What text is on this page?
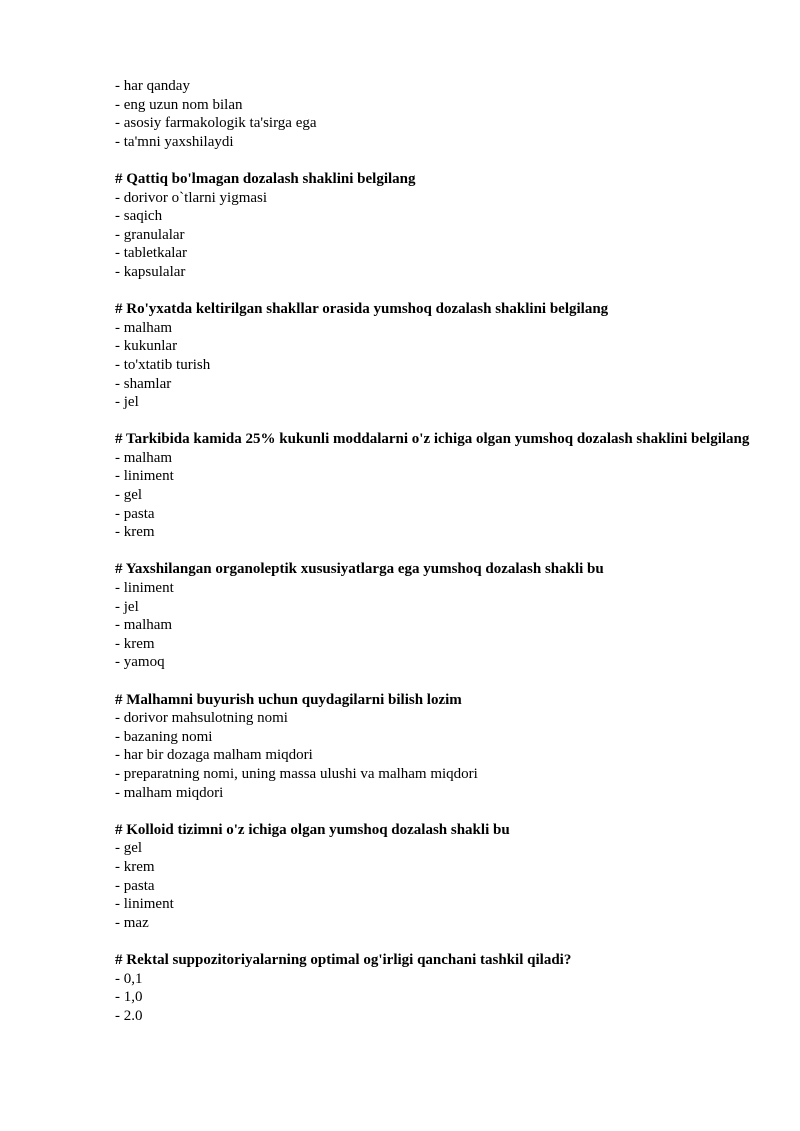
- har qanday

- eng uzun nom bilan

- asosiy farmakologik ta'sirga ega

- ta'mni yaxshilaydi

# Qattiq bo'lmagan dozalash shaklini belgilang

- dorivor o`tlarni yigmasi

- saqich

- granulalar

- tabletkalar

- kapsulalar

# Ro'yxatda keltirilgan shakllar orasida yumshoq dozalash shaklini belgilang

- malham

- kukunlar

- to'xtatib turish

- shamlar

- jel

# Tarkibida kamida 25% kukunli moddalarni o'z ichiga olgan yumshoq dozalash shaklini belgilang

- malham

- liniment

- gel

- pasta

- krem

# Yaxshilangan organoleptik xususiyatlarga ega yumshoq dozalash shakli bu

- liniment

- jel

- malham

- krem

- yamoq

# Malhamni buyurish uchun quydagilarni bilish lozim

- dorivor mahsulotning nomi

- bazaning nomi

- har bir dozaga malham miqdori

- preparatning nomi, uning massa ulushi va malham miqdori

- malham miqdori

# Kolloid tizimni o'z ichiga olgan yumshoq dozalash shakli bu

- gel

- krem

- pasta

- liniment

- maz

# Rektal suppozitoriyalarning optimal og'irligi qanchani tashkil qiladi?

- 0,1

- 1,0

- 2.0
